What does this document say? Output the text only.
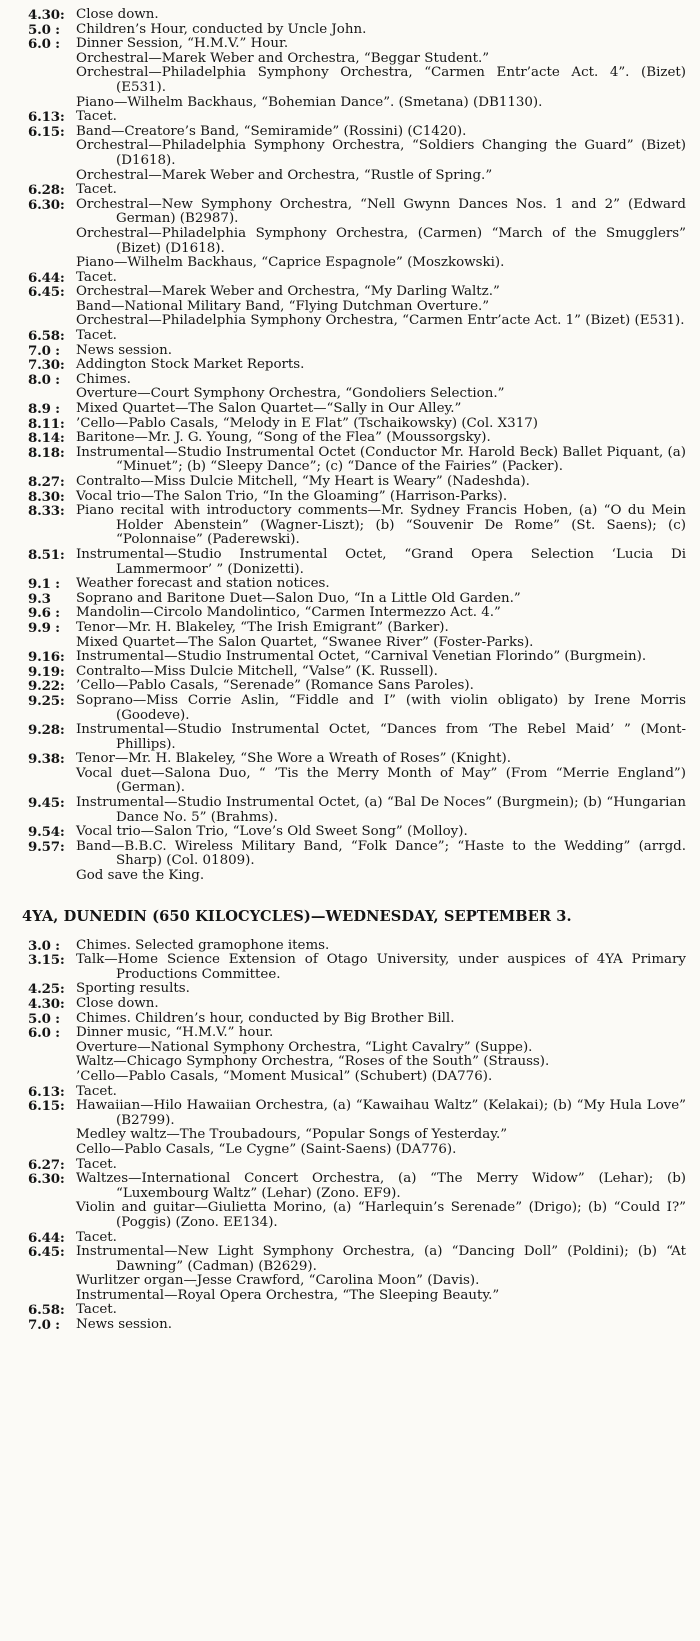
4.30: Close down.
5.0 :	Children’s Hour, conducted by Uncle John.
6.0 :	Dinner Session, “H.M.V.” Hour.
Orchestral—Marek Weber and Orchestra, “Beggar Student.”
Orchestral—Philadelphia Symphony Orchestra, “Carmen Entr’acte Act. 4”. (Bizet) (E531).
Piano—Wilhelm Backhaus, “Bohemian Dance”. (Smetana) (DB1130).
6.13: Tacet.
6.15: Band—Creatore’s Band, “Semiramide” (Rossini) (C1420).
Orchestral—Philadelphia Symphony Orchestra, “Soldiers Changing the Guard” (Bizet) (D1618).
Orchestral—Marek Weber and Orchestra, “Rustle of Spring.”
6.28: Tacet.
6.30: Orchestral—New Symphony Orchestra, “Nell Gwynn Dances Nos. 1 and 2” (Edward German) (B2987).
Orchestral—Philadelphia Symphony Orchestra, (Carmen) “March of the Smugglers” (Bizet) (D1618).
Piano—Wilhelm Backhaus, “Caprice Espagnole” (Moszkowski).
6.44: Tacet.
6.45: Orchestral—Marek Weber and Orchestra, “My Darling Waltz.”
Band—National Military Band, “Flying Dutchman Overture.”
Orchestral—Philadelphia Symphony Orchestra, “Carmen Entr’acte Act. 1” (Bizet) (E531).
6.58: Tacet.
7.0 :	News session.
7.30: Addington Stock Market Reports.
8.0 :	Chimes.
Overture—Court Symphony Orchestra, “Gondoliers Selection.”
8.9 :	Mixed Quartet—The Salon Quartet—“Sally in Our Alley.”
8.11: ’Cello—Pablo Casals, “Melody in E Flat” (Tschaikowsky) (Col. X317)
8.14: Baritone—Mr. J. G. Young, “Song of the Flea” (Moussorgsky).
8.18: Instrumental—Studio Instrumental Octet (Conductor Mr. Harold Beck) Ballet Piquant, (a) “Minuet”; (b) “Sleepy Dance”; (c) “Dance of the Fairies” (Packer).
8.27: Contralto—Miss Dulcie Mitchell, “My Heart is Weary” (Nadeshda).
8.30: Vocal trio—The Salon Trio, “In the Gloaming” (Harrison-Parks).
8.33: Piano recital with introductory comments—Mr. Sydney Francis Hoben, (a) “O du Mein Holder Abenstein” (Wagner-Liszt); (b) “Souvenir De Rome” (St. Saens); (c) “Polonnaise” (Paderewski).
8.51: Instrumental—Studio Instrumental Octet, “Grand Opera Selection ‘Lucia Di Lammermoor’ ” (Donizetti).
9.1 :	Weather forecast and station notices.
9.3	Soprano and Baritone Duet—Salon Duo, “In a Little Old Garden.”
9.6 :	Mandolin—Circolo Mandolintico, “Carmen Intermezzo Act. 4.”
9.9 :	Tenor—Mr. H. Blakeley, “The Irish Emigrant” (Barker).
Mixed Quartet—The Salon Quartet, “Swanee River” (Foster-Parks).
9.16: Instrumental—Studio Instrumental Octet, “Carnival Venetian Florindo” (Burgmein).
9.19: Contralto—Miss Dulcie Mitchell, “Valse” (K. Russell).
9.22: ’Cello—Pablo Casals, “Serenade” (Romance Sans Paroles).
9.25: Soprano—Miss Corrie Aslin, “Fiddle and I” (with violin obligato) by Irene Morris (Goodeve).
9.28: Instrumental—Studio Instrumental Octet, “Dances from ‘The Rebel Maid’ ” (Mont-Phillips).
9.38: Tenor—Mr. H. Blakeley, “She Wore a Wreath of Roses” (Knight).
Vocal duet—Salona Duo, “ ’Tis the Merry Month of May” (From “Merrie England”) (German).
9.45: Instrumental—Studio Instrumental Octet, (a) “Bal De Noces” (Burgmein); (b) “Hungarian Dance No. 5” (Brahms).
9.54: Vocal trio—Salon Trio, “Love’s Old Sweet Song” (Molloy).
9.57: Band—B.B.C. Wireless Military Band, “Folk Dance”; “Haste to the Wedding” (arrgd. Sharp) (Col. 01809).
God save the King.
4YA, DUNEDIN (650 KILOCYCLES)—WEDNESDAY, SEPTEMBER 3.
3.0 :	Chimes. Selected gramophone items.
3.15: Talk—Home Science Extension of Otago University, under auspices of 4YA Primary Productions Committee.
4.25: Sporting results.
4.30: Close down.
5.0 :	Chimes. Children’s hour, conducted by Big Brother Bill.
6.0 :	Dinner music, “H.M.V.” hour.
Overture—National Symphony Orchestra, “Light Cavalry” (Suppe).
Waltz—Chicago Symphony Orchestra, “Roses of the South” (Strauss).
’Cello—Pablo Casals, “Moment Musical” (Schubert) (DA776).
6.13: Tacet.
6.15: Hawaiian—Hilo Hawaiian Orchestra, (a) “Kawaihau Waltz” (Kelakai); (b) “My Hula Love” (B2799).
Medley waltz—The Troubadours, “Popular Songs of Yesterday.”
Cello—Pablo Casals, “Le Cygne” (Saint-Saens) (DA776).
6.27: Tacet.
6.30: Waltzes—International Concert Orchestra, (a) “The Merry Widow” (Lehar); (b) “Luxembourg Waltz” (Lehar) (Zono. EF9).
Violin and guitar—Giulietta Morino, (a) “Harlequin’s Serenade” (Drigo); (b) “Could I?” (Poggis) (Zono. EE134).
6.44: Tacet.
6.45: Instrumental—New Light Symphony Orchestra, (a) “Dancing Doll” (Poldini); (b) “At Dawning” (Cadman) (B2629).
Wurlitzer organ—Jesse Crawford, “Carolina Moon” (Davis).
Instrumental—Royal Opera Orchestra, “The Sleeping Beauty.”
6.58: Tacet.
7.0 :	News session.
